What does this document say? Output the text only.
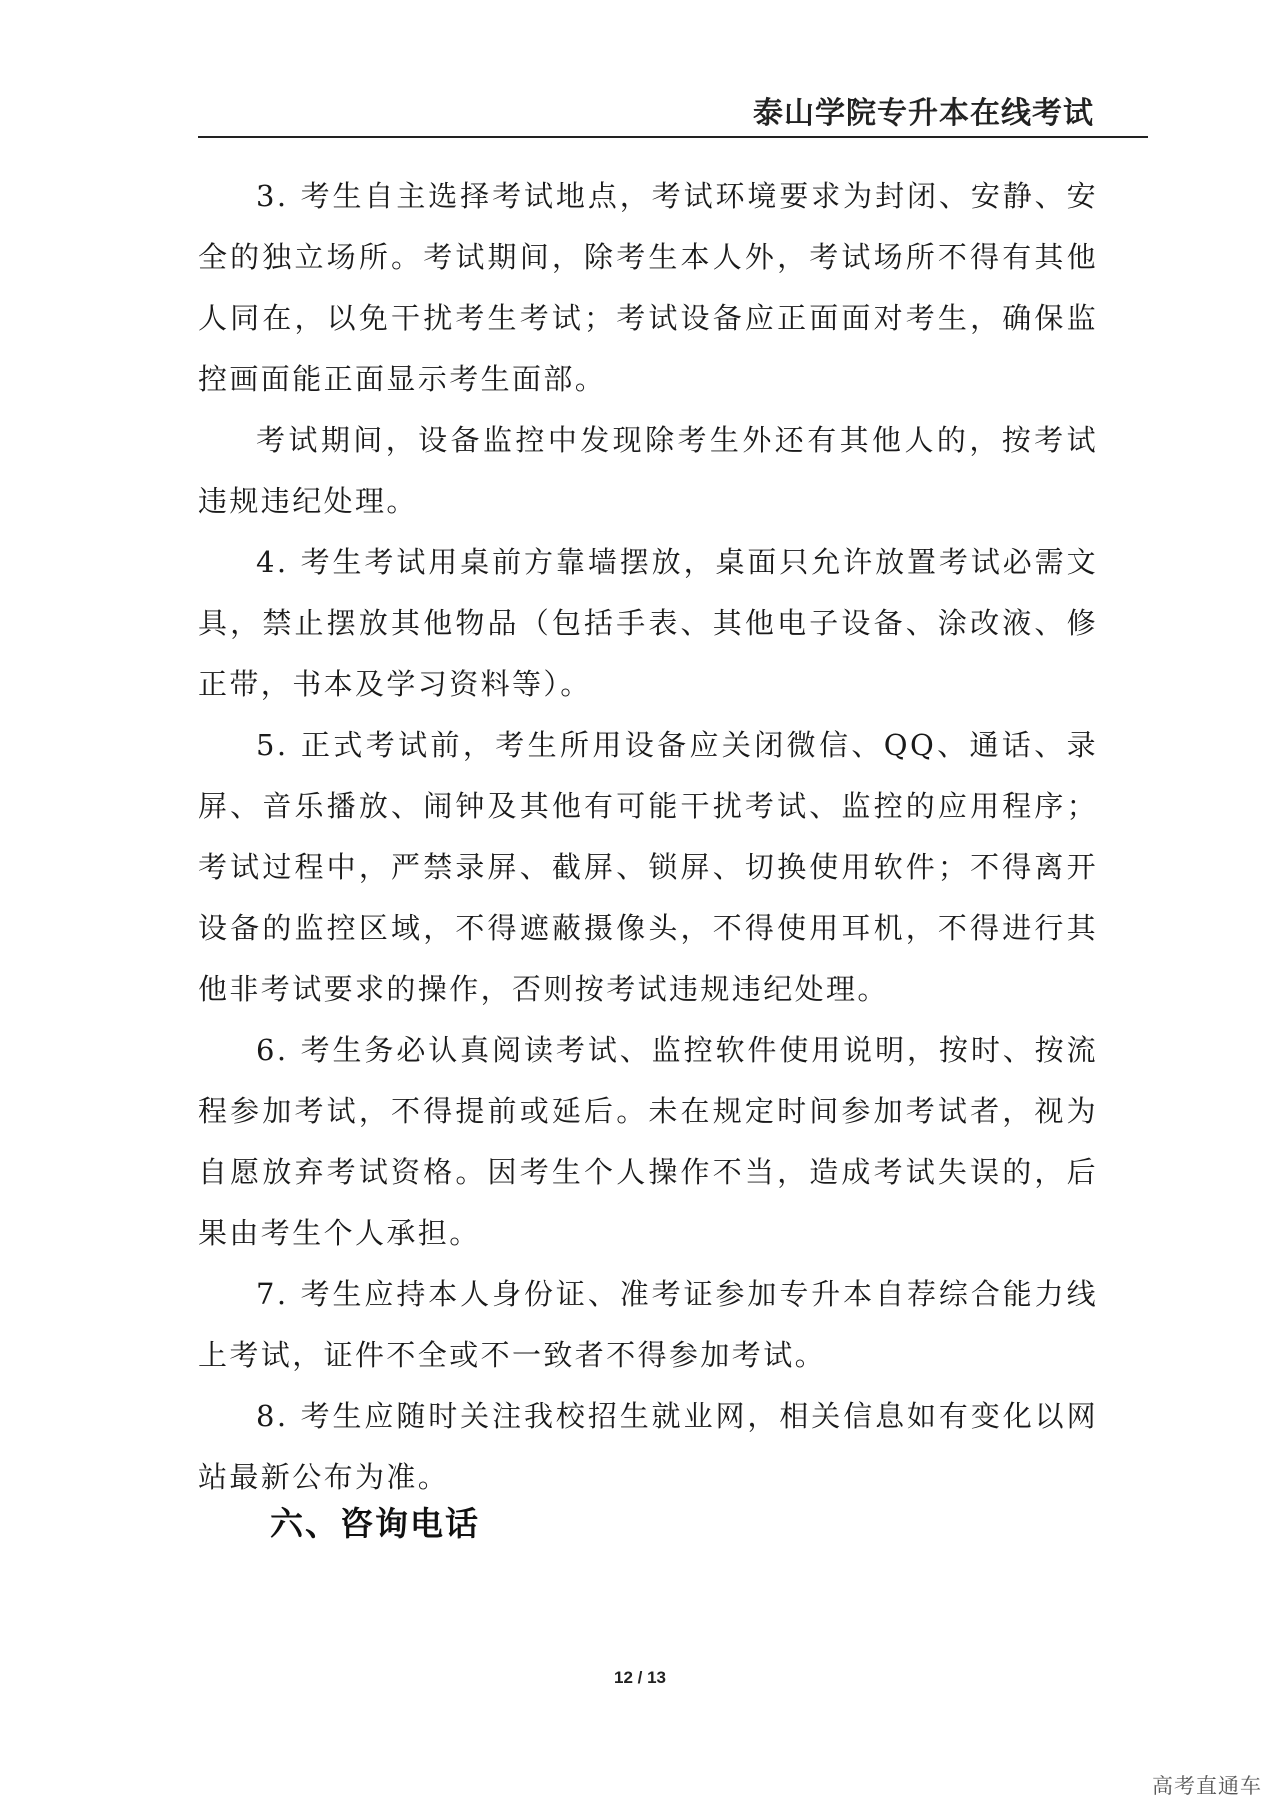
泰山学院专升本在线考试

3. 考生自主选择考试地点，考试环境要求为封闭、安静、安全的独立场所。考试期间，除考生本人外，考试场所不得有其他人同在，以免干扰考生考试；考试设备应正面面对考生，确保监控画面能正面显示考生面部。

考试期间，设备监控中发现除考生外还有其他人的，按考试违规违纪处理。

4. 考生考试用桌前方靠墙摆放，桌面只允许放置考试必需文具，禁止摆放其他物品（包括手表、其他电子设备、涂改液、修正带，书本及学习资料等）。

5. 正式考试前，考生所用设备应关闭微信、QQ、通话、录屏、音乐播放、闹钟及其他有可能干扰考试、监控的应用程序；考试过程中，严禁录屏、截屏、锁屏、切换使用软件；不得离开设备的监控区域，不得遮蔽摄像头，不得使用耳机，不得进行其他非考试要求的操作，否则按考试违规违纪处理。

6. 考生务必认真阅读考试、监控软件使用说明，按时、按流程参加考试，不得提前或延后。未在规定时间参加考试者，视为自愿放弃考试资格。因考生个人操作不当，造成考试失误的，后果由考生个人承担。

7. 考生应持本人身份证、准考证参加专升本自荐综合能力线上考试，证件不全或不一致者不得参加考试。

8. 考生应随时关注我校招生就业网，相关信息如有变化以网站最新公布为准。

六、咨询电话
12 / 13
高考直通车
